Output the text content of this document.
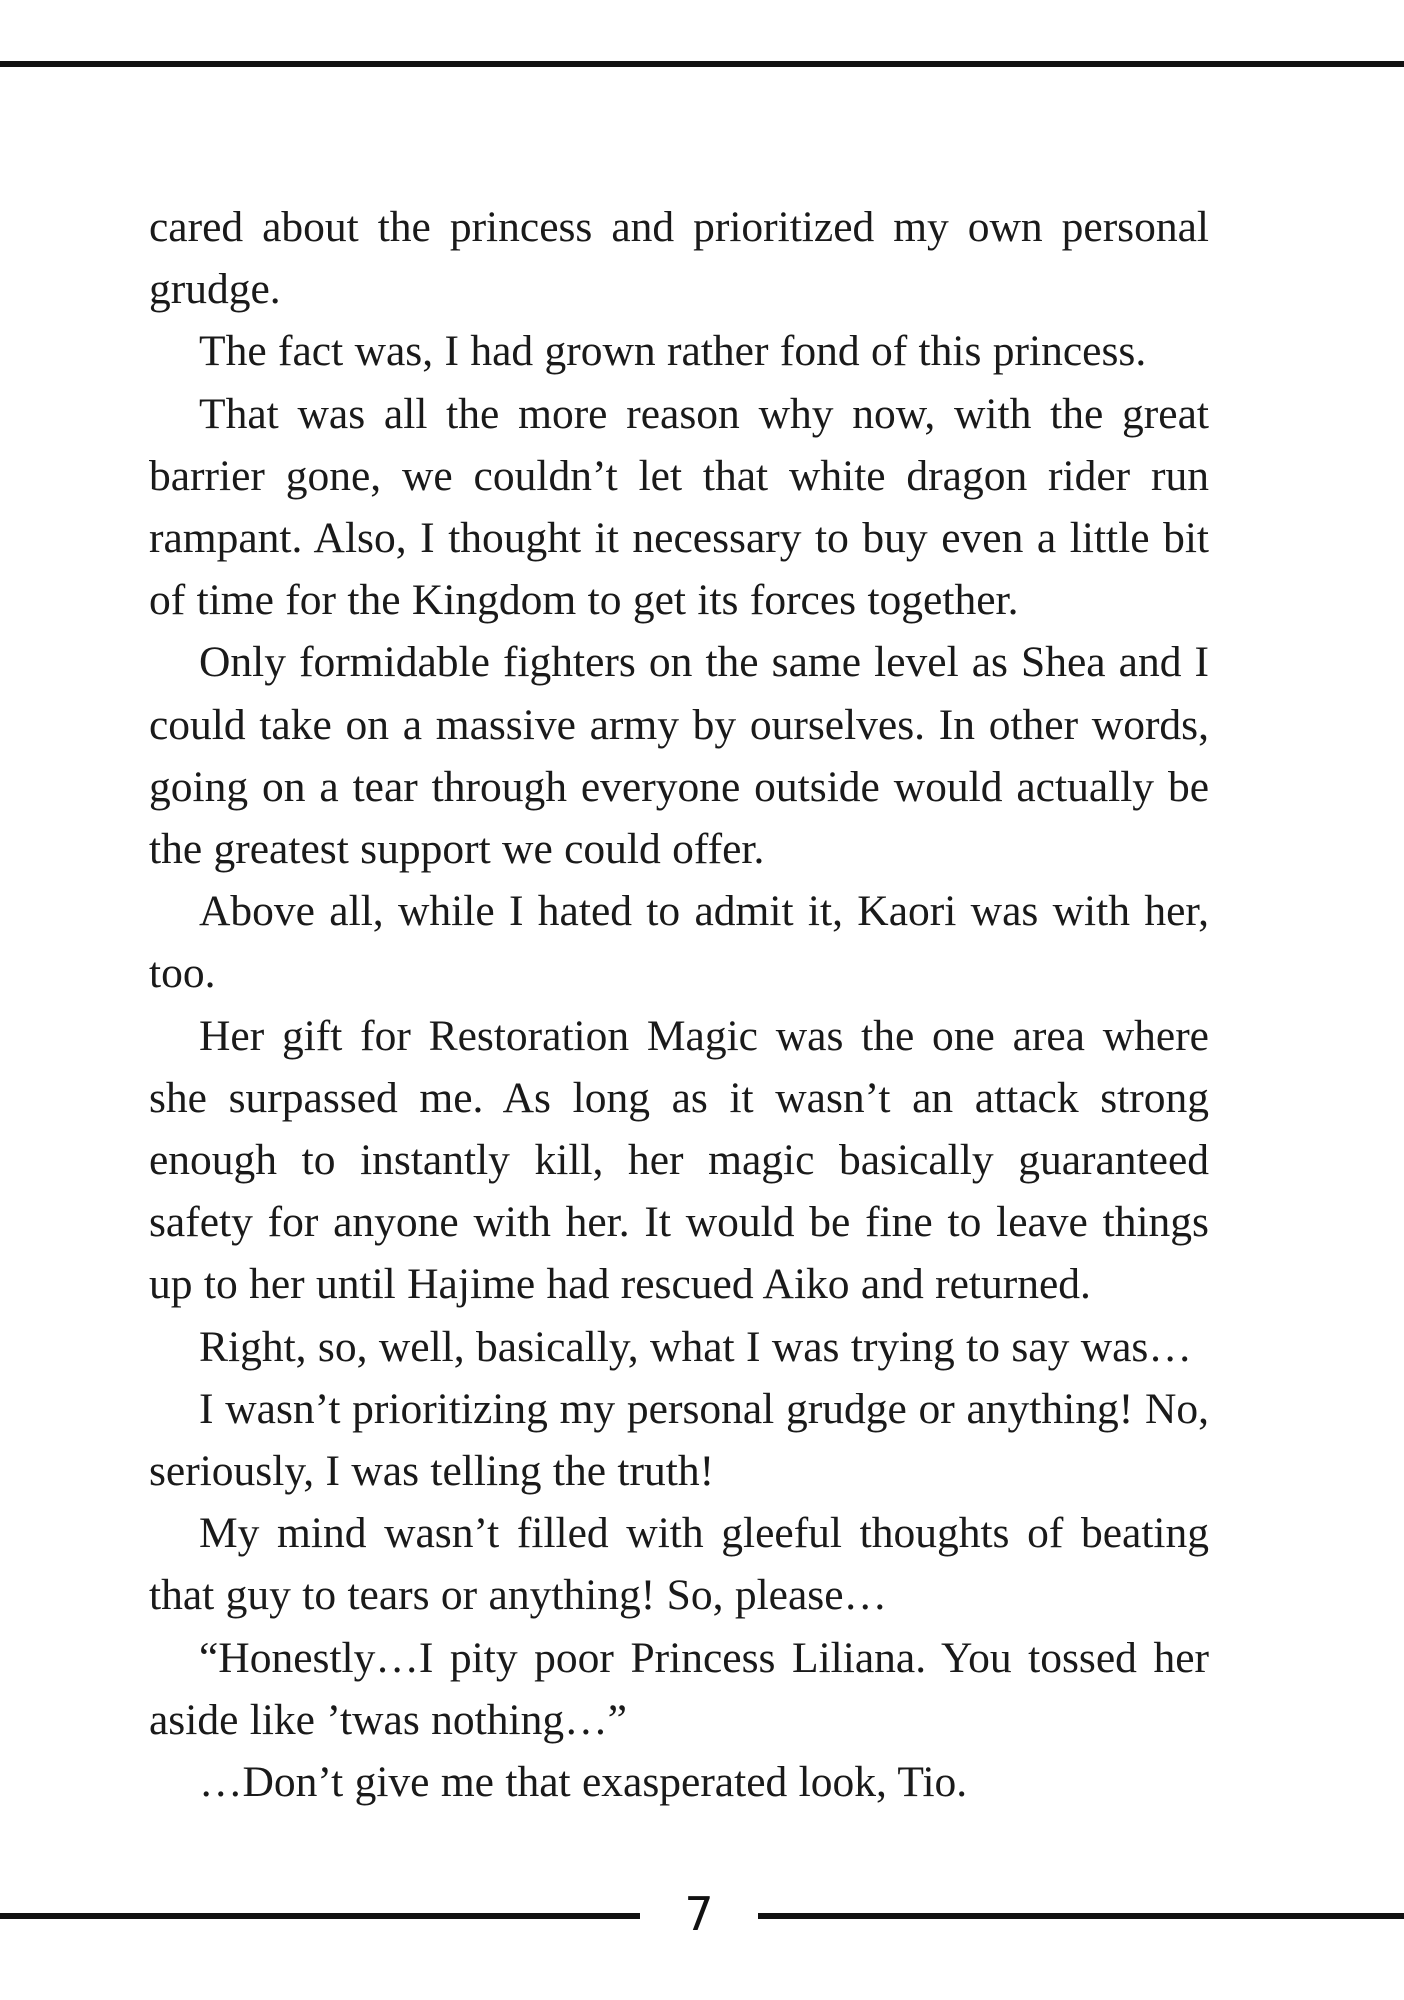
cared about the princess and prioritized my own personal grudge.

The fact was, I had grown rather fond of this princess.

That was all the more reason why now, with the great barrier gone, we couldn’t let that white dragon rider run rampant. Also, I thought it necessary to buy even a little bit of time for the Kingdom to get its forces together.

Only formidable fighters on the same level as Shea and I could take on a massive army by ourselves. In other words, going on a tear through everyone outside would actually be the greatest support we could offer.

Above all, while I hated to admit it, Kaori was with her, too.

Her gift for Restoration Magic was the one area where she surpassed me. As long as it wasn’t an attack strong enough to instantly kill, her magic basically guaranteed safety for anyone with her. It would be fine to leave things up to her until Hajime had rescued Aiko and returned.

Right, so, well, basically, what I was trying to say was…

I wasn’t prioritizing my personal grudge or anything! No, seriously, I was telling the truth!

My mind wasn’t filled with gleeful thoughts of beating that guy to tears or anything! So, please…

“Honestly…I pity poor Princess Liliana. You tossed her aside like ’twas nothing…”

…Don’t give me that exasperated look, Tio.

7
